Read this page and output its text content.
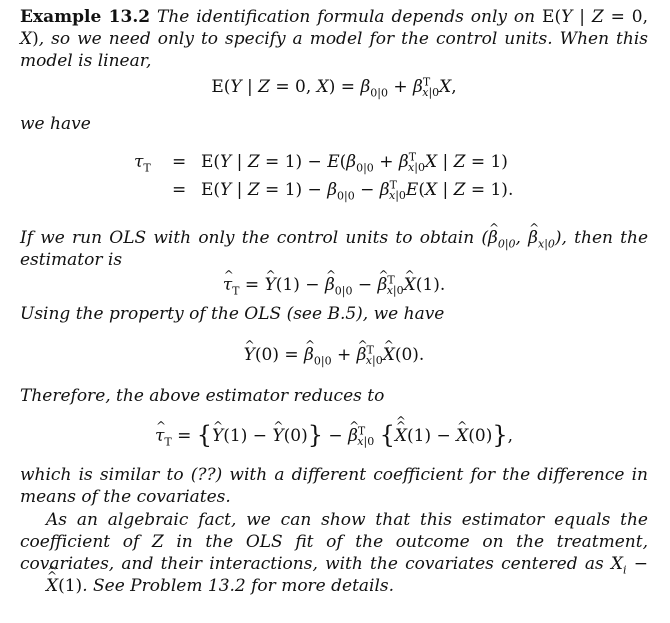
Example 13.2 The identification formula depends only on E(Y | Z = 0, X), so we need only to specify a model for the control units. When this model is linear,

E(Y | Z = 0, $X) = \beta_{0|0} + \beta^T_{x|0}X$,

we have

$\tau_T = E(Y$ | $Z = 1) - E(\beta_{0|0} + \beta^T_{x|0}X$ | Z = 1)
= E(Y | $Z = 1) - \beta_{0|0} - \beta^T_{x|0}E(X$ | Z = 1).

If we run OLS with only the control units to obtain (^ $\beta_{0|0}$, ^ $\beta_{x|0}$), then the estimator is

^ $\tau_T$ = ^ Y(1) − ^ $\beta_{0|0}$ − ^ $\beta^T_{x|0}\^{}$ X(1).

Using the property of the OLS (see B.5), we have

^ Y(0) = ^ $\beta_{0|0}$ + ^ $\beta^T_{x|0}\^{}$ X(0).

Therefore, the above estimator reduces to

^ $\tau_T$ = {^ Y(1) − ^ Y(0)} − ^ $\beta^T_{x|0}$ {^ X ^(1) − ^ X(0)},

which is similar to (??) with a different coefficient for the difference in means of the covariates.

As an algebraic fact, we can show that this estimator equals the coefficient of Z in the OLS fit of the outcome on the treatment, covariates, and their interactions, with the covariates centered as $X_i$ − ^ X ^(1). See Problem 13.2 for more details.
